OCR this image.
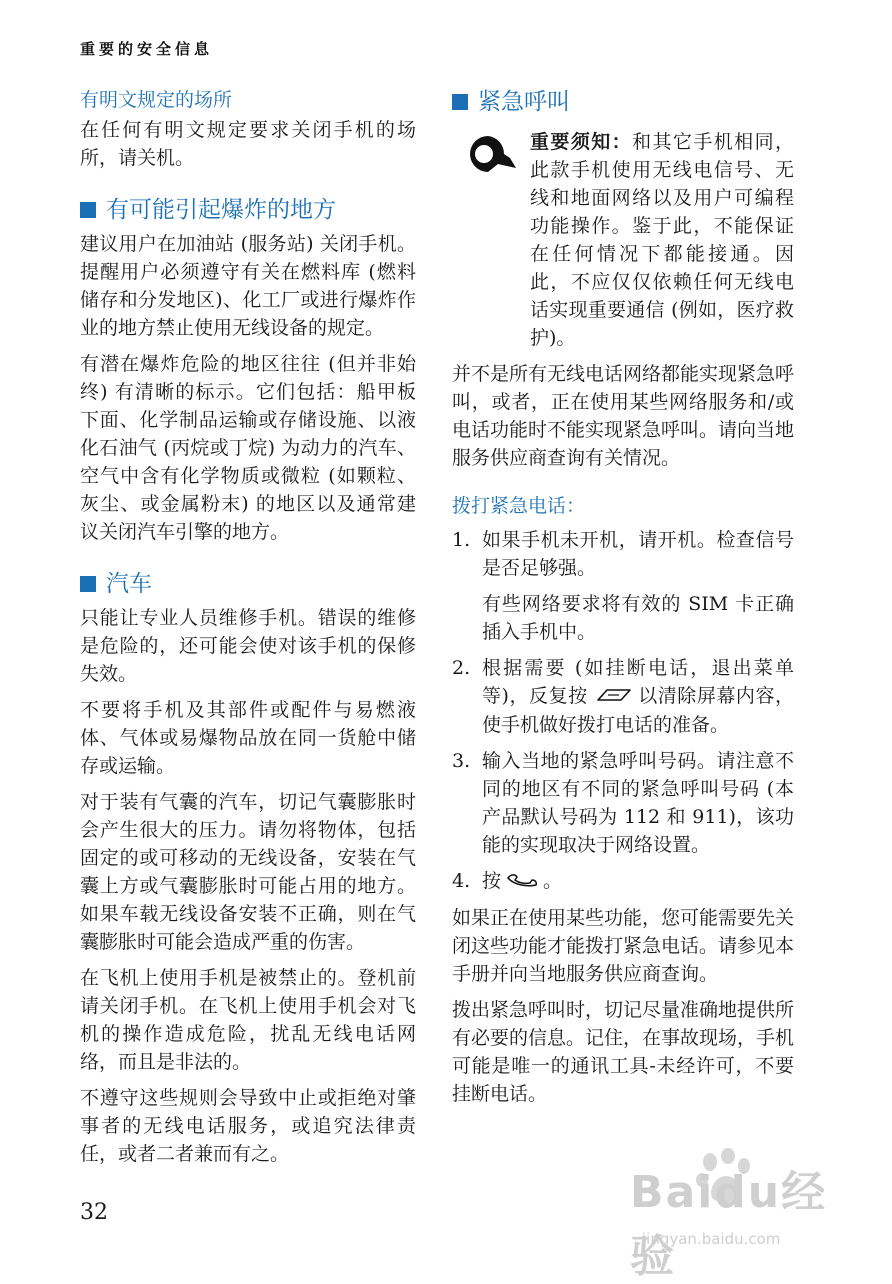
重要的安全信息
有明文规定的场所

在任何有明文规定要求关闭手机的场所，请关机。

有可能引起爆炸的地方

建议用户在加油站 (服务站) 关闭手机。提醒用户必须遵守有关在燃料库 (燃料储存和分发地区)、化工厂或进行爆炸作业的地方禁止使用无线设备的规定。

有潜在爆炸危险的地区往往 (但并非始终) 有清晰的标示。它们包括：船甲板下面、化学制品运输或存储设施、以液化石油气 (丙烷或丁烷) 为动力的汽车、空气中含有化学物质或微粒 (如颗粒、灰尘、或金属粉末) 的地区以及通常建议关闭汽车引擎的地方。

汽车

只能让专业人员维修手机。错误的维修是危险的，还可能会使对该手机的保修失效。

不要将手机及其部件或配件与易燃液体、气体或易爆物品放在同一货舱中储存或运输。

对于装有气囊的汽车，切记气囊膨胀时会产生很大的压力。请勿将物体，包括固定的或可移动的无线设备，安装在气囊上方或气囊膨胀时可能占用的地方。如果车载无线设备安装不正确，则在气囊膨胀时可能会造成严重的伤害。

在飞机上使用手机是被禁止的。登机前请关闭手机。在飞机上使用手机会对飞机的操作造成危险，扰乱无线电话网络，而且是非法的。

不遵守这些规则会导致中止或拒绝对肇事者的无线电话服务，或追究法律责任，或者二者兼而有之。

紧急呼叫

重要须知：和其它手机相同，此款手机使用无线电信号、无线和地面网络以及用户可编程功能操作。鉴于此，不能保证在任何情况下都能接通。因此，不应仅仅依赖任何无线电话实现重要通信 (例如，医疗救护)。

并不是所有无线电话网络都能实现紧急呼叫，或者，正在使用某些网络服务和/或电话功能时不能实现紧急呼叫。请向当地服务供应商查询有关情况。

拨打紧急电话：
1. 如果手机未开机，请开机。检查信号是否足够强。

有些网络要求将有效的 SIM 卡正确插入手机中。

2. 根据需要 (如挂断电话，退出菜单等)，反复按	以清除屏幕内容，使手机做好拨打电话的准备。

3. 输入当地的紧急呼叫号码。请注意不同的地区有不同的紧急呼叫号码 (本产品默认号码为 112 和 911)，该功能的实现取决于网络设置。

4. 按 。

如果正在使用某些功能，您可能需要先关闭这些功能才能拨打紧急电话。请参见本手册并向当地服务供应商查询。

拨出紧急呼叫时，切记尽量准确地提供所有必要的信息。记住，在事故现场，手机可能是唯一的通讯工具-未经许可，不要挂断电话。

32	Baidu经验
jingyan.baidu.com
